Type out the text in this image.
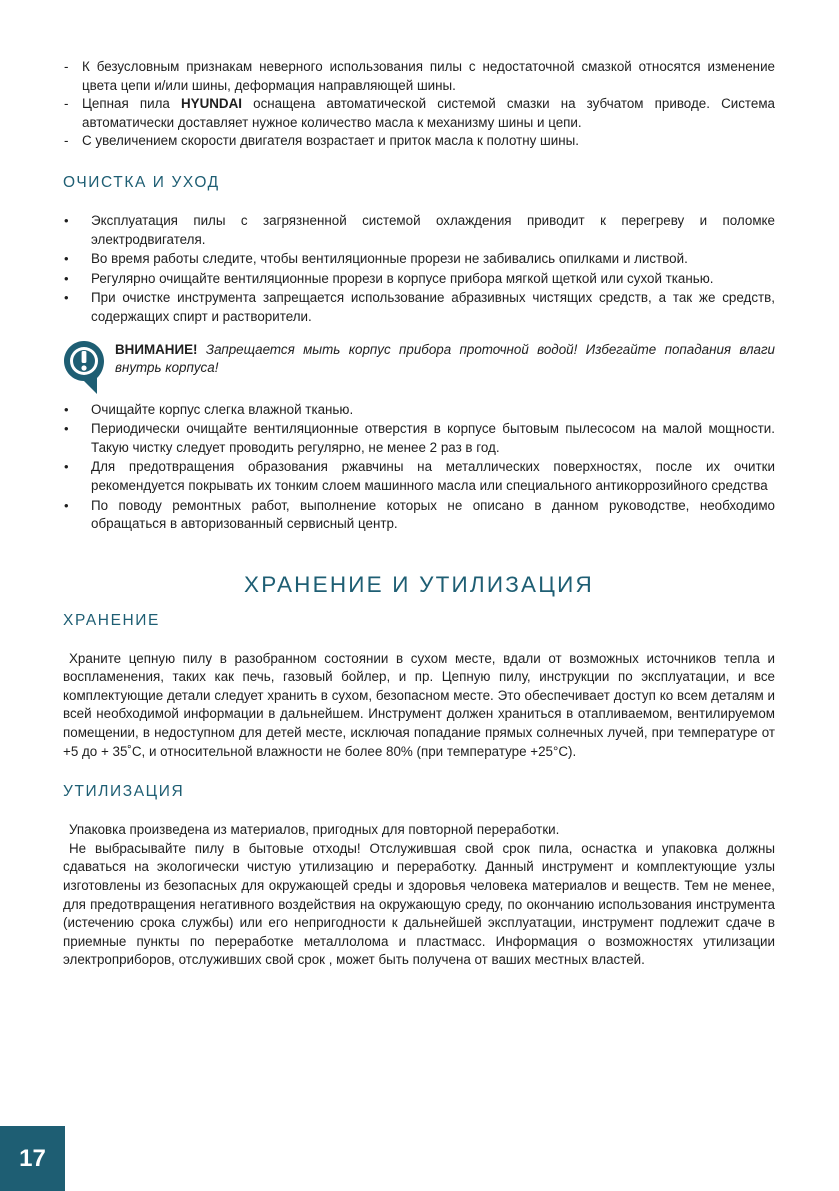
- К безусловным признакам неверного использования пилы с недостаточной смазкой относятся изменение цвета цепи и/или шины, деформация направляющей шины.
- Цепная пила HYUNDAI оснащена автоматической системой смазки на зубчатом приводе. Система автоматически доставляет нужное количество масла к механизму шины и цепи.
- С увеличением скорости двигателя возрастает и приток масла к полотну шины.
ОЧИСТКА И УХОД
• Эксплуатация пилы с загрязненной системой охлаждения приводит к перегреву и поломке электродвигателя.
• Во время работы следите, чтобы вентиляционные прорези не забивались опилками и листвой.
• Регулярно очищайте вентиляционные прорези в корпусе прибора мягкой щеткой или сухой тканью.
• При очистке инструмента запрещается использование абразивных чистящих средств, а так же средств, содержащих спирт и растворители.
ВНИМАНИЕ! Запрещается мыть корпус прибора проточной водой! Избегайте попадания влаги внутрь корпуса!
• Очищайте корпус слегка влажной тканью.
• Периодически очищайте вентиляционные отверстия в корпусе бытовым пылесосом на малой мощности. Такую чистку следует проводить регулярно, не менее 2 раз в год.
• Для предотвращения образования ржавчины на металлических поверхностях, после их очитки рекомендуется покрывать их тонким слоем машинного масла или специального антикоррозийного средства
• По поводу ремонтных работ, выполнение которых не описано в данном руководстве, необходимо обращаться в авторизованный сервисный центр.
ХРАНЕНИЕ И УТИЛИЗАЦИЯ
ХРАНЕНИЕ

Храните цепную пилу в разобранном состоянии в сухом месте, вдали от возможных источников тепла и воспламенения, таких как печь, газовый бойлер, и пр. Цепную пилу, инструкции по эксплуатации, и все комплектующие детали следует хранить в сухом, безопасном месте. Это обеспечивает доступ ко всем деталям и всей необходимой информации в дальнейшем. Инструмент должен храниться в отапливаемом, вентилируемом помещении, в недоступном для детей месте, исключая попадание прямых солнечных лучей, при температуре от +5 до + 35˚С, и относительной влажности не более 80% (при температуре +25°С).

УТИЛИЗАЦИЯ

Упаковка произведена из материалов, пригодных для повторной переработки.

Не выбрасывайте пилу в бытовые отходы! Отслужившая свой срок пила, оснастка и упаковка должны сдаваться на экологически чистую утилизацию и переработку. Данный инструмент и комплектующие узлы изготовлены из безопасных для окружающей среды и здоровья человека материалов и веществ. Тем не менее, для предотвращения негативного воздействия на окружающую среду, по окончанию использования инструмента (истечению срока службы) или его непригодности к дальнейшей эксплуатации, инструмент подлежит сдаче в приемные пункты по переработке металлолома и пластмасс. Информация о возможностях утилизации электроприборов, отслуживших свой срок , может быть получена от ваших местных властей.

17
